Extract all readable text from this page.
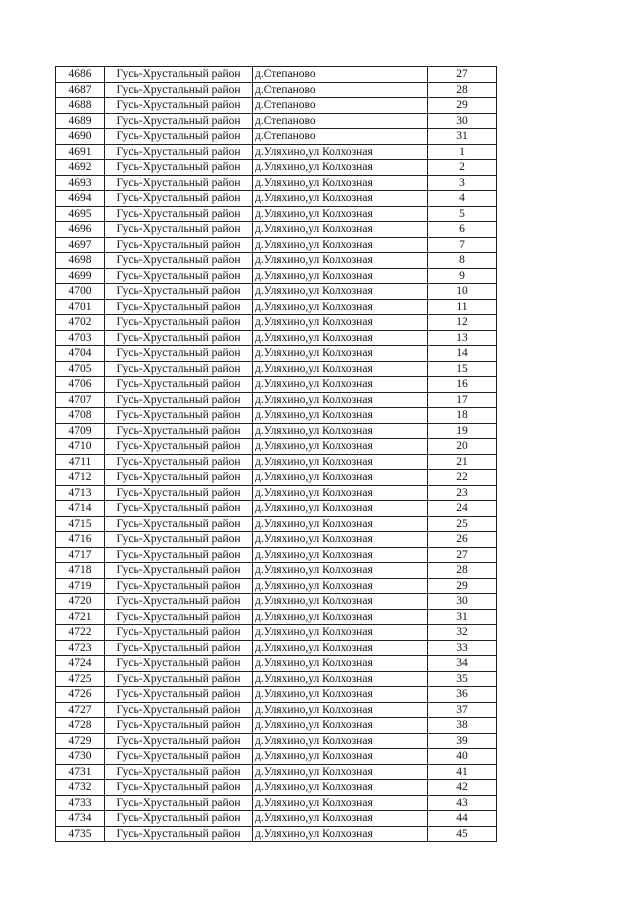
4686	Гусь-Хрустальный район	д.Степаново	27
4687	Гусь-Хрустальный район	д.Степаново	28
4688	Гусь-Хрустальный район	д.Степаново	29
4689	Гусь-Хрустальный район	д.Степаново	30
4690	Гусь-Хрустальный район	д.Степаново	31
4691	Гусь-Хрустальный район	д.Уляхино,ул Колхозная	1
4692	Гусь-Хрустальный район	д.Уляхино,ул Колхозная	2
4693	Гусь-Хрустальный район	д.Уляхино,ул Колхозная	3
4694	Гусь-Хрустальный район	д.Уляхино,ул Колхозная	4
4695	Гусь-Хрустальный район	д.Уляхино,ул Колхозная	5
4696	Гусь-Хрустальный район	д.Уляхино,ул Колхозная	6
4697	Гусь-Хрустальный район	д.Уляхино,ул Колхозная	7
4698	Гусь-Хрустальный район	д.Уляхино,ул Колхозная	8
4699	Гусь-Хрустальный район	д.Уляхино,ул Колхозная	9
4700	Гусь-Хрустальный район	д.Уляхино,ул Колхозная	10
4701	Гусь-Хрустальный район	д.Уляхино,ул Колхозная	11
4702	Гусь-Хрустальный район	д.Уляхино,ул Колхозная	12
4703	Гусь-Хрустальный район	д.Уляхино,ул Колхозная	13
4704	Гусь-Хрустальный район	д.Уляхино,ул Колхозная	14
4705	Гусь-Хрустальный район	д.Уляхино,ул Колхозная	15
4706	Гусь-Хрустальный район	д.Уляхино,ул Колхозная	16
4707	Гусь-Хрустальный район	д.Уляхино,ул Колхозная	17
4708	Гусь-Хрустальный район	д.Уляхино,ул Колхозная	18
4709	Гусь-Хрустальный район	д.Уляхино,ул Колхозная	19
4710	Гусь-Хрустальный район	д.Уляхино,ул Колхозная	20
4711	Гусь-Хрустальный район	д.Уляхино,ул Колхозная	21
4712	Гусь-Хрустальный район	д.Уляхино,ул Колхозная	22
4713	Гусь-Хрустальный район	д.Уляхино,ул Колхозная	23
4714	Гусь-Хрустальный район	д.Уляхино,ул Колхозная	24
4715	Гусь-Хрустальный район	д.Уляхино,ул Колхозная	25
4716	Гусь-Хрустальный район	д.Уляхино,ул Колхозная	26
4717	Гусь-Хрустальный район	д.Уляхино,ул Колхозная	27
4718	Гусь-Хрустальный район	д.Уляхино,ул Колхозная	28
4719	Гусь-Хрустальный район	д.Уляхино,ул Колхозная	29
4720	Гусь-Хрустальный район	д.Уляхино,ул Колхозная	30
4721	Гусь-Хрустальный район	д.Уляхино,ул Колхозная	31
4722	Гусь-Хрустальный район	д.Уляхино,ул Колхозная	32
4723	Гусь-Хрустальный район	д.Уляхино,ул Колхозная	33
4724	Гусь-Хрустальный район	д.Уляхино,ул Колхозная	34
4725	Гусь-Хрустальный район	д.Уляхино,ул Колхозная	35
4726	Гусь-Хрустальный район	д.Уляхино,ул Колхозная	36
4727	Гусь-Хрустальный район	д.Уляхино,ул Колхозная	37
4728	Гусь-Хрустальный район	д.Уляхино,ул Колхозная	38
4729	Гусь-Хрустальный район	д.Уляхино,ул Колхозная	39
4730	Гусь-Хрустальный район	д.Уляхино,ул Колхозная	40
4731	Гусь-Хрустальный район	д.Уляхино,ул Колхозная	41
4732	Гусь-Хрустальный район	д.Уляхино,ул Колхозная	42
4733	Гусь-Хрустальный район	д.Уляхино,ул Колхозная	43
4734	Гусь-Хрустальный район	д.Уляхино,ул Колхозная	44
4735	Гусь-Хрустальный район	д.Уляхино,ул Колхозная	45
